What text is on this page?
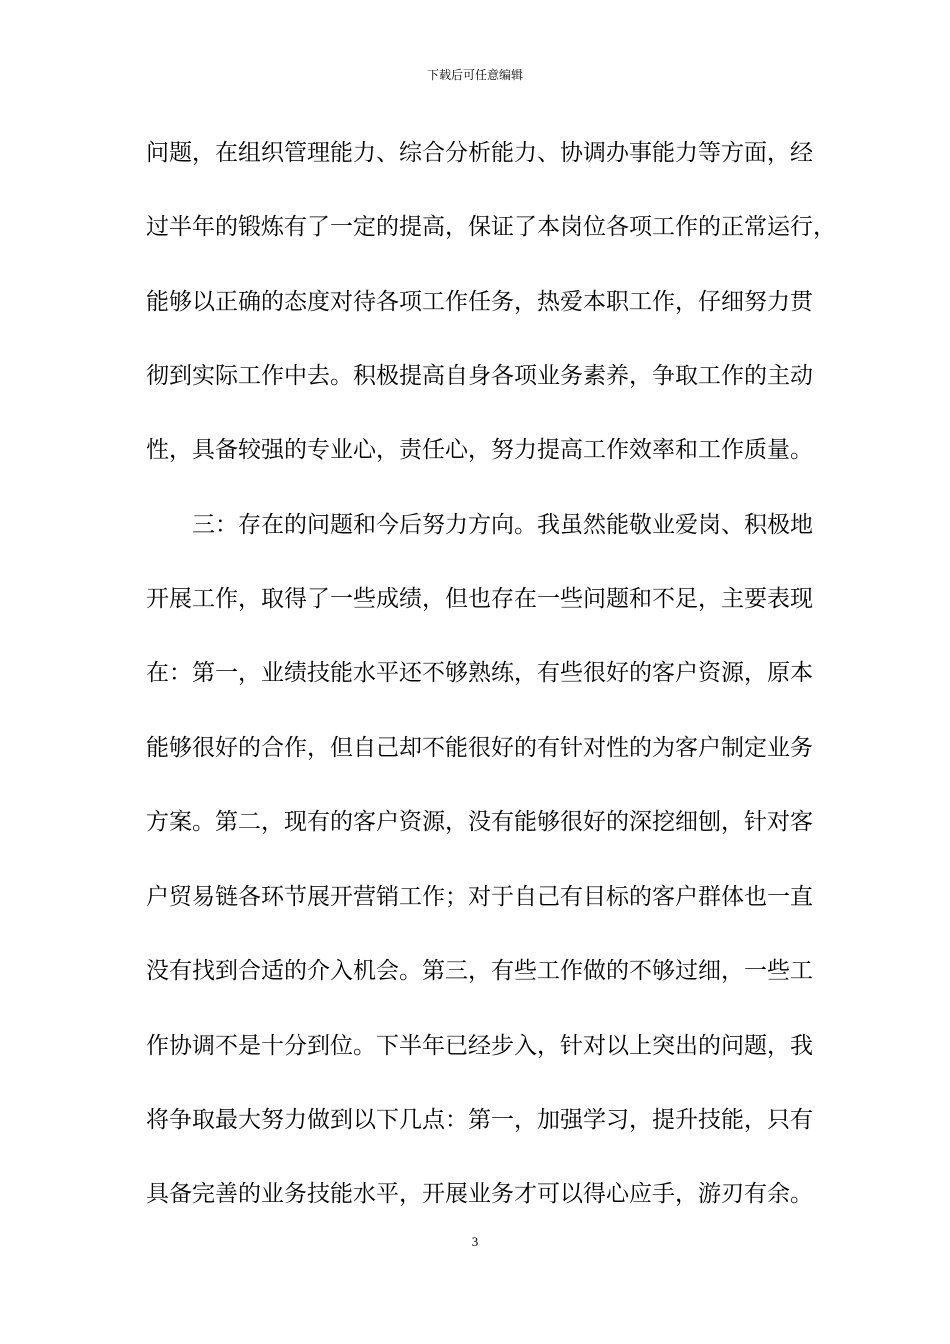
下载后可任意编辑
问题，在组织管理能力、综合分析能力、协调办事能力等方面，经
过半年的锻炼有了一定的提高，保证了本岗位各项工作的正常运行，
能够以正确的态度对待各项工作任务，热爱本职工作，仔细努力贯
彻到实际工作中去。积极提高自身各项业务素养，争取工作的主动
性，具备较强的专业心，责任心，努力提高工作效率和工作质量。
三：存在的问题和今后努力方向。我虽然能敬业爱岗、积极地
开展工作，取得了一些成绩，但也存在一些问题和不足，主要表现
在：第一，业绩技能水平还不够熟练，有些很好的客户资源，原本
能够很好的合作，但自己却不能很好的有针对性的为客户制定业务
方案。第二，现有的客户资源，没有能够很好的深挖细刨，针对客
户贸易链各环节展开营销工作；对于自己有目标的客户群体也一直
没有找到合适的介入机会。第三，有些工作做的不够过细，一些工
作协调不是十分到位。下半年已经步入，针对以上突出的问题，我
将争取最大努力做到以下几点：第一，加强学习，提升技能，只有
具备完善的业务技能水平，开展业务才可以得心应手，游刃有余。
3
